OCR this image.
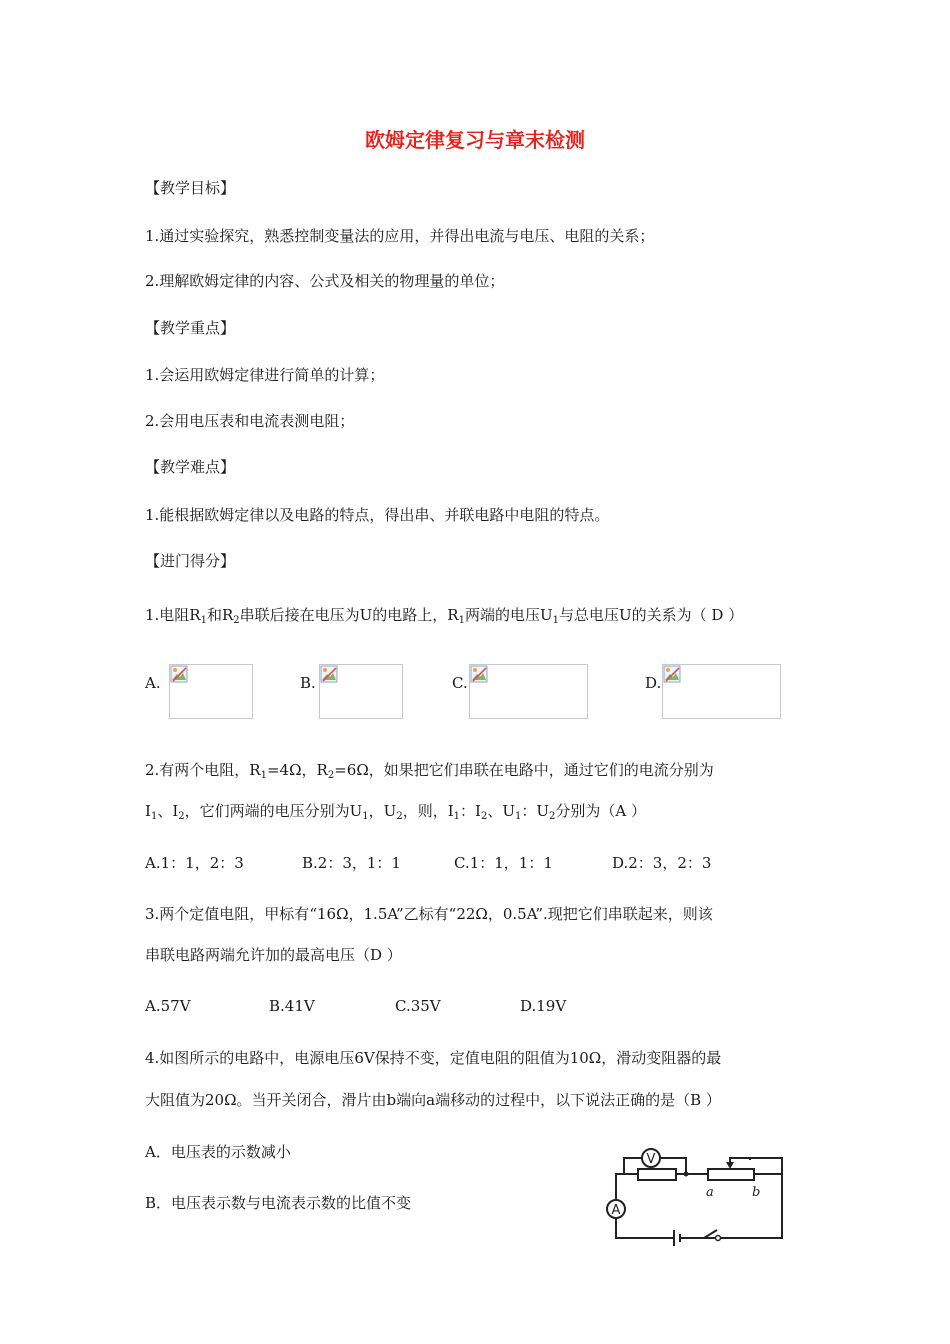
欧姆定律复习与章末检测
【教学目标】
1.通过实验探究，熟悉控制变量法的应用，并得出电流与电压、电阻的关系；
2.理解欧姆定律的内容、公式及相关的物理量的单位；
【教学重点】
1.会运用欧姆定律进行简单的计算；
2.会用电压表和电流表测电阻；
【教学难点】
1.能根据欧姆定律以及电路的特点，得出串、并联电路中电阻的特点。
【进门得分】
1.电阻$R_1$和$R_2$串联后接在电压为U的电路上，$R_1$两端的电压$U_1$与总电压U的关系为（ D ）
A.	B.	C.	D.
2.有两个电阻，$R_1=4\Omega$，$R_2=6\Omega$，如果把它们串联在电路中，通过它们的电流分别为
$I_1$、$I_2$，它们两端的电压分别为$U_1$，$U_2$，则，$I_1$：$I_2$、$U_1$：$U_2$分别为（A ）
A.1：1，2：3	B.2：3，1：1	C.1：1，1：1	D.2：3，2：3
3.两个定值电阻，甲标有“16Ω，1.5A”乙标有“22Ω，0.5A”.现把它们串联起来，则该
串联电路两端允许加的最高电压（D ）
A.57V	B.41V	C.35V	D.19V
4.如图所示的电路中，电源电压6V保持不变，定值电阻的阻值为10Ω，滑动变阻器的最
大阻值为20Ω。当开关闭合，滑片由b端向a端移动的过程中，以下说法正确的是（B ）
A．电压表的示数减小
B．电压表示数与电流表示数的比值不变
V
A
a	b
